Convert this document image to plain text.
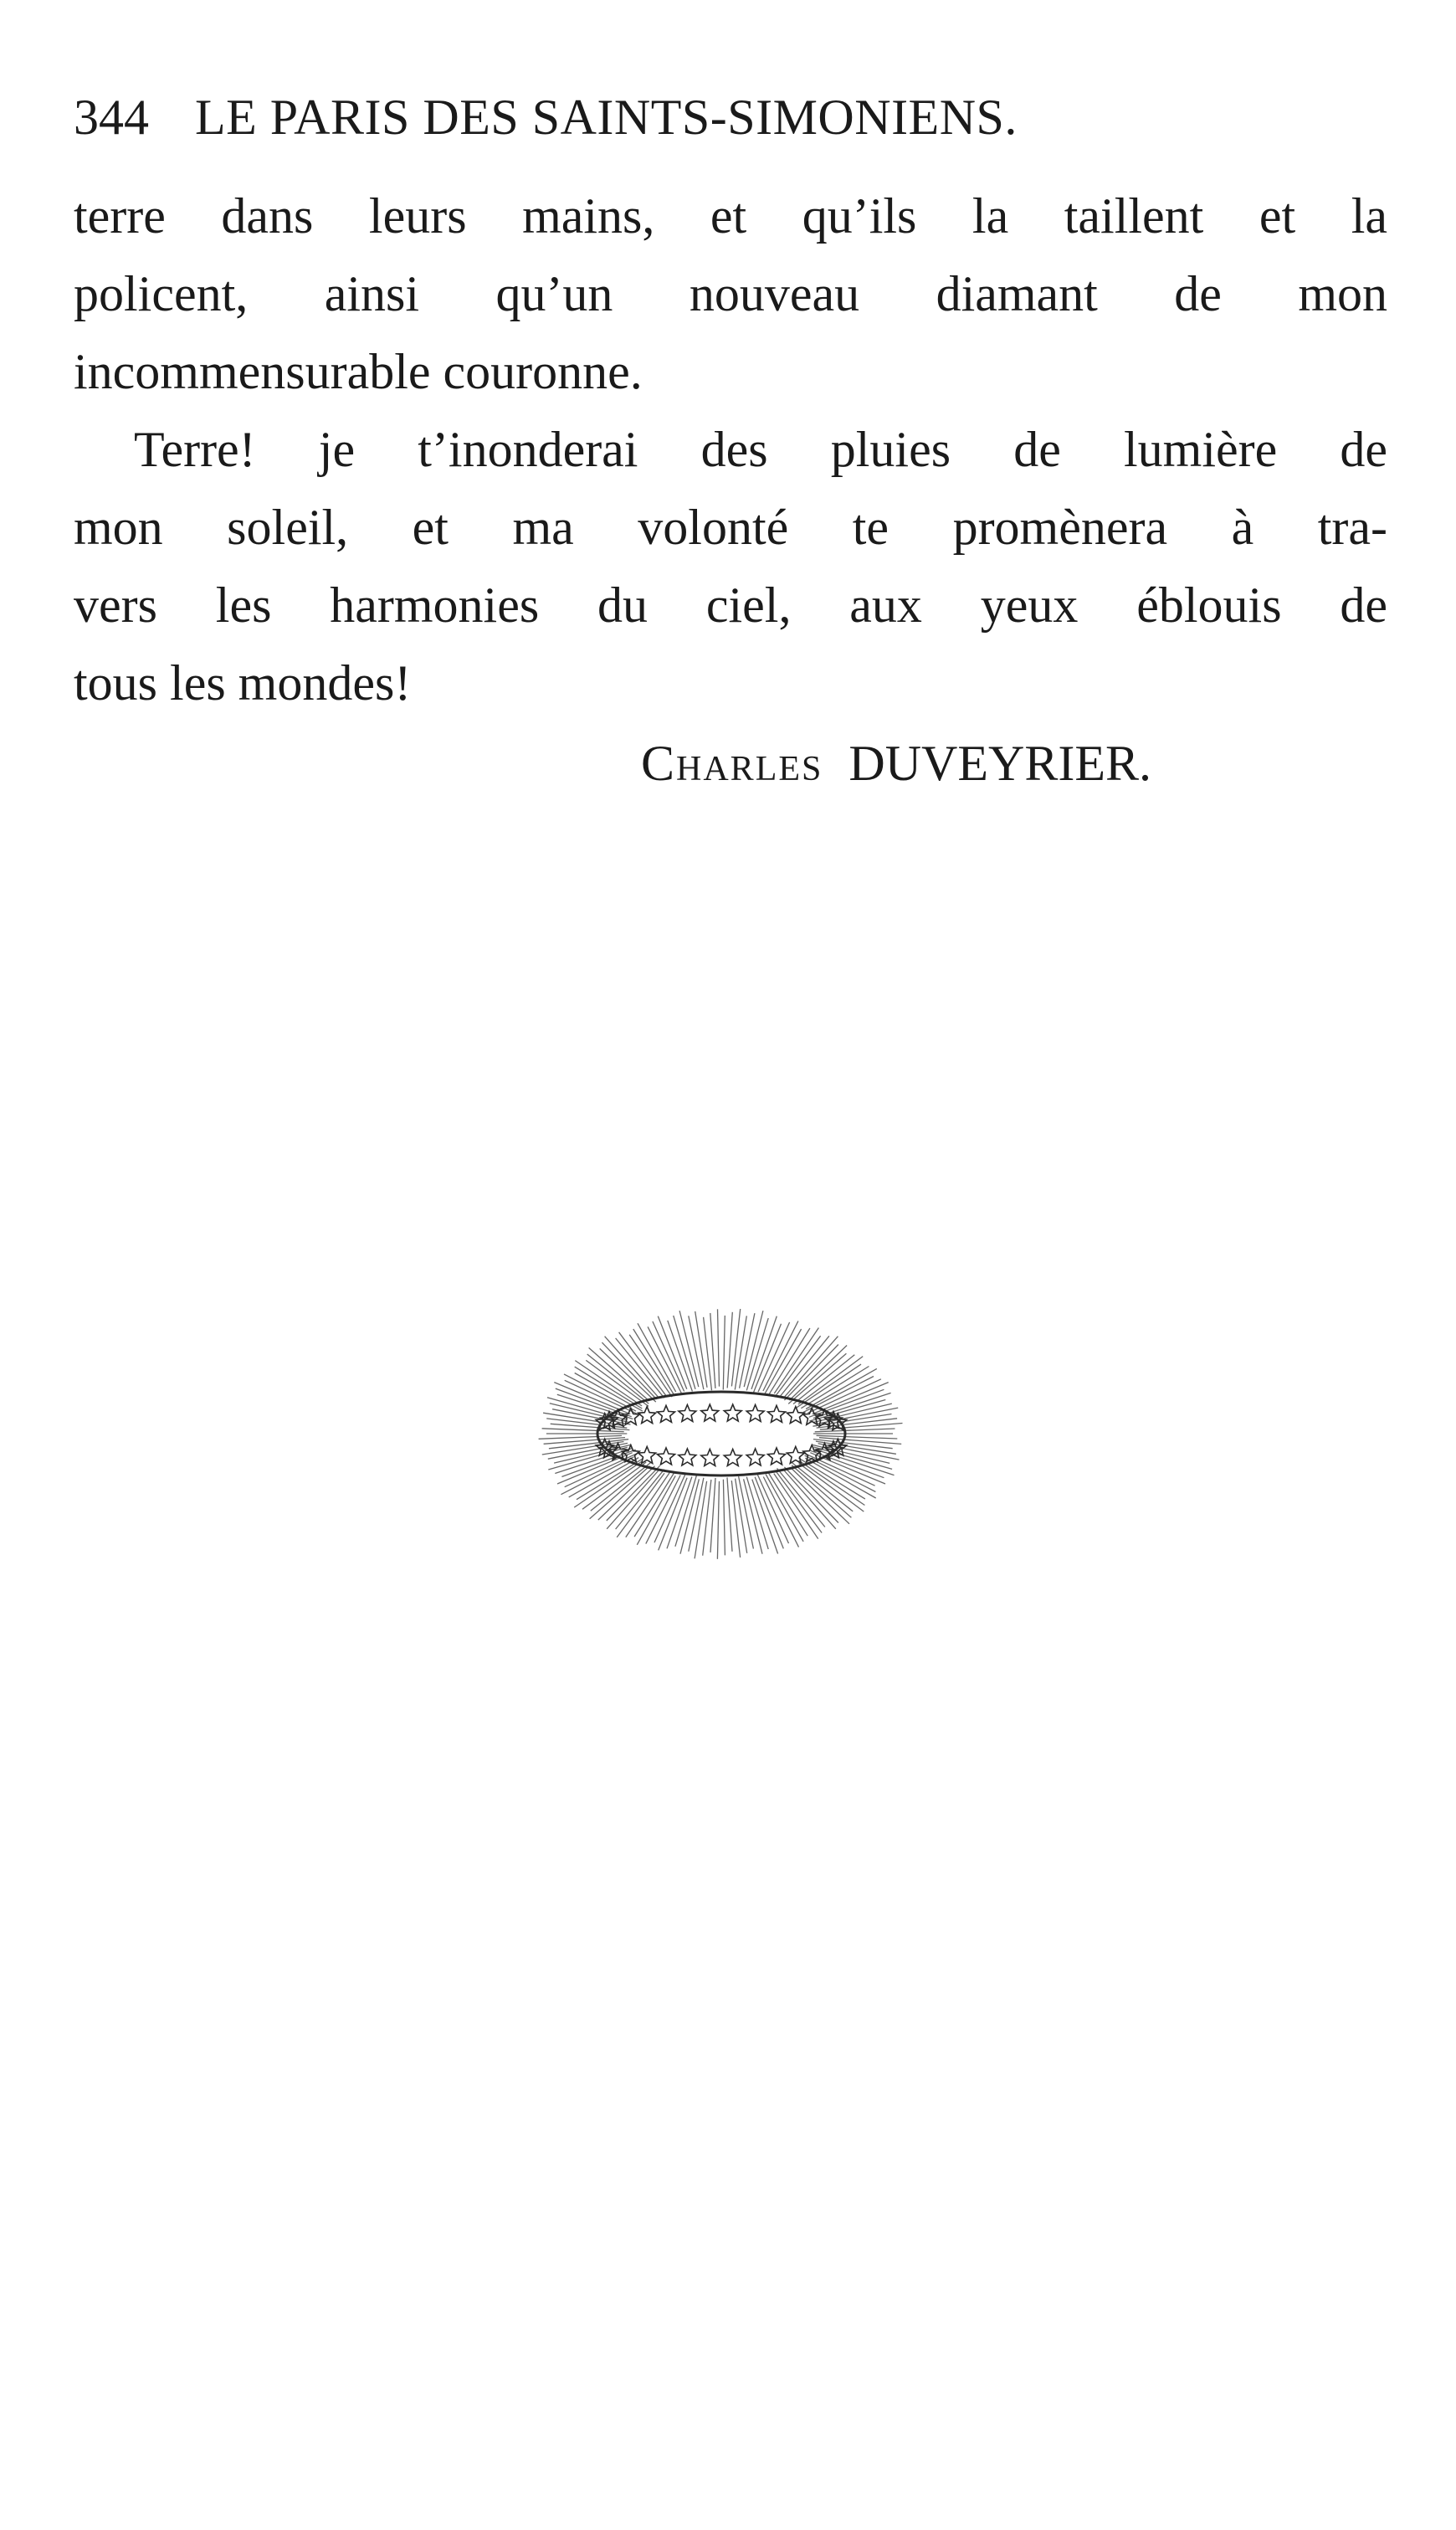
344 LE PARIS DES SAINTS-SIMONIENS.
terre dans leurs mains, et qu’ils la taillent et la
policent, ainsi qu’un nouveau diamant de mon
incommensurable couronne.
Terre! je t’inonderai des pluies de lumière de
mon soleil, et ma volonté te promènera à tra-
vers les harmonies du ciel, aux yeux éblouis de
tous les mondes!
Charles DUVEYRIER.
